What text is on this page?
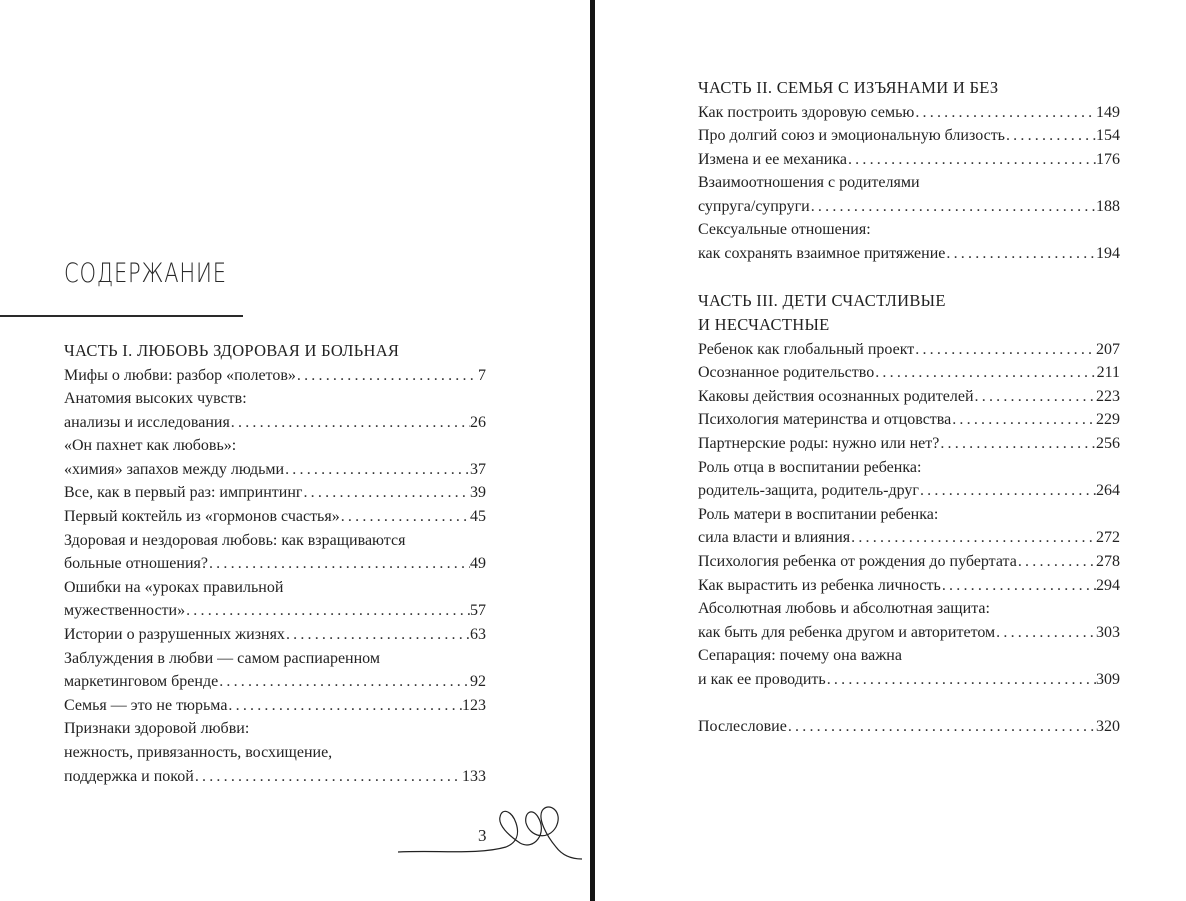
СОДЕРЖАНИЕ
ЧАСТЬ I. ЛЮБОВЬ ЗДОРОВАЯ И БОЛЬНАЯ
Мифы о любви: разбор «полетов» .....	7
Анатомия высоких чувств:
анализы и исследования .....	26
«Он пахнет как любовь»:
«химия» запахов между людьми .....	37
Все, как в первый раз: импринтинг .....	39
Первый коктейль из «гормонов счастья» .....	45
Здоровая и нездоровая любовь: как взращиваются
больные отношения? .....	49
Ошибки на «уроках правильной
мужественности» .....	57
Истории о разрушенных жизнях .....	63
Заблуждения в любви — самом распиаренном
маркетинговом бренде .....	92
Семья — это не тюрьма .....	123
Признаки здоровой любви:
нежность, привязанность, восхищение,
поддержка и покой .....	133
ЧАСТЬ II. СЕМЬЯ С ИЗЪЯНАМИ И БЕЗ
Как построить здоровую семью .....	149
Про долгий союз и эмоциональную близость .....	154
Измена и ее механика .....	176
Взаимоотношения с родителями
супруга/супруги .....	188
Сексуальные отношения:
как сохранять взаимное притяжение .....	194
ЧАСТЬ III. ДЕТИ СЧАСТЛИВЫЕ
И НЕСЧАСТНЫЕ
Ребенок как глобальный проект .....	207
Осознанное родительство .....	211
Каковы действия осознанных родителей .....	223
Психология материнства и отцовства .....	229
Партнерские роды: нужно или нет? .....	256
Роль отца в воспитании ребенка:
родитель-защита, родитель-друг .....	264
Роль матери в воспитании ребенка:
сила власти и влияния .....	272
Психология ребенка от рождения до пубертата .....	278
Как вырастить из ребенка личность .....	294
Абсолютная любовь и абсолютная защита:
как быть для ребенка другом и авторитетом .....	303
Сепарация: почему она важна
и как ее проводить .....	309
Послесловие .....	320
3
